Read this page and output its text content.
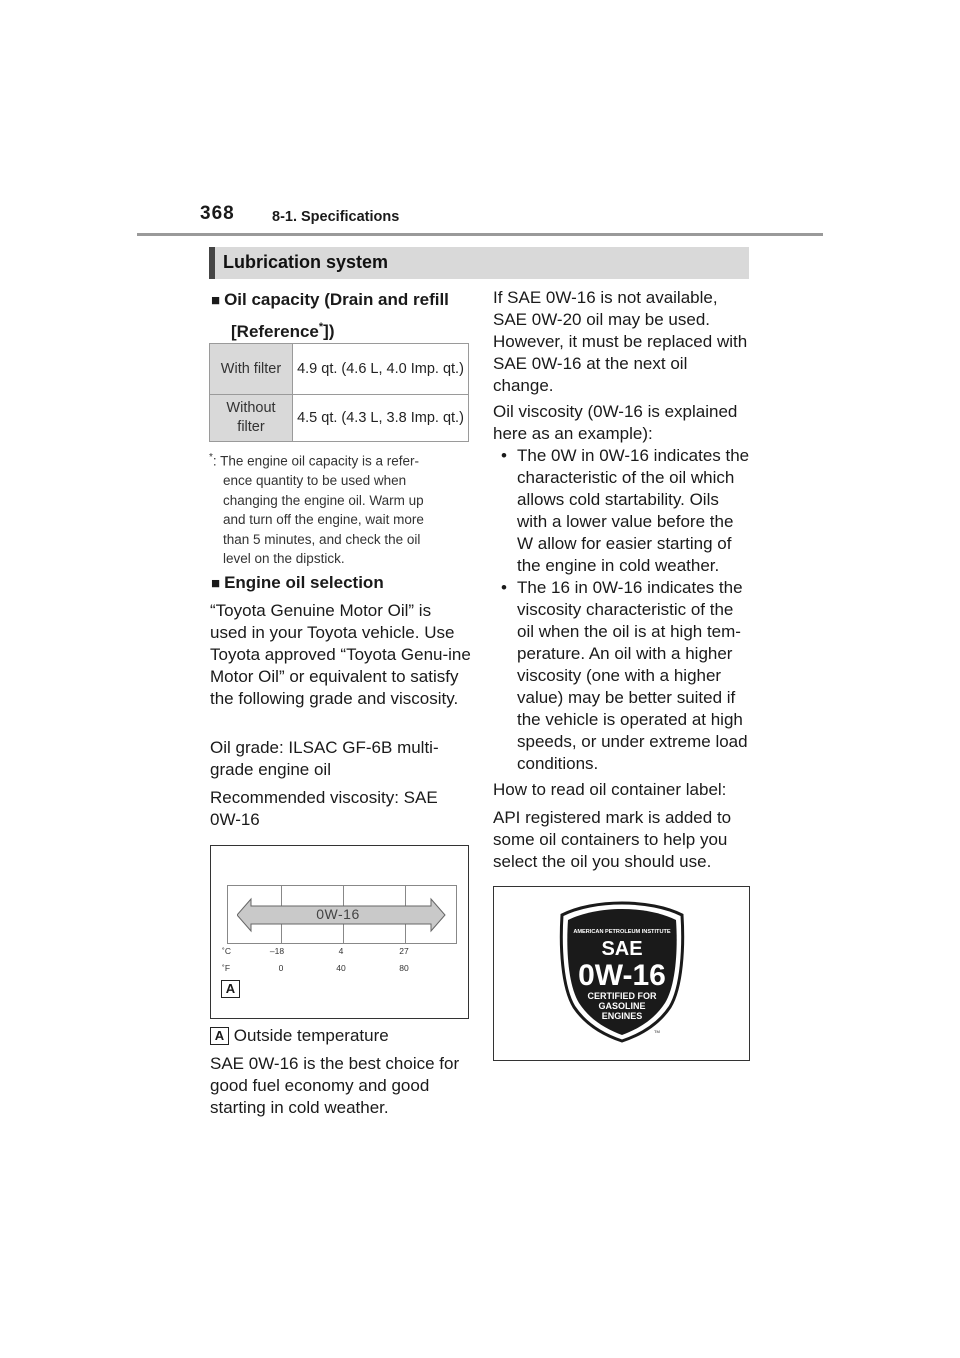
368	8-1. Specifications
Lubrication system
■ Oil capacity (Drain and refill
[Reference*])
With filter	4.9 qt. (4.6 L, 4.0 Imp. qt.)
Without filter	4.5 qt. (4.3 L, 3.8 Imp. qt.)
*: The engine oil capacity is a refer-
ence quantity to be used when
changing the engine oil. Warm up
and turn off the engine, wait more
than 5 minutes, and check the oil
level on the dipstick.
■ Engine oil selection
“Toyota Genuine Motor Oil” is used in your Toyota vehicle. Use Toyota approved “Toyota Genu-ine Motor Oil” or equivalent to satisfy the following grade and viscosity.
Oil grade: ILSAC GF-6B multi-grade engine oil
Recommended viscosity: SAE 0W-16
0W-16
˚C	–18	4	27
˚F	0	40	80
A
A Outside temperature
SAE 0W-16 is the best choice for good fuel economy and good starting in cold weather.
If SAE 0W-16 is not available, SAE 0W-20 oil may be used. However, it must be replaced with SAE 0W-16 at the next oil change.
Oil viscosity (0W-16 is explained here as an example):
• The 0W in 0W-16 indicates the characteristic of the oil which allows cold startability. Oils with a lower value before the W allow for easier starting of the engine in cold weather.
• The 16 in 0W-16 indicates the viscosity characteristic of the oil when the oil is at high tem-perature. An oil with a higher viscosity (one with a higher value) may be better suited if the vehicle is operated at high speeds, or under extreme load conditions.
How to read oil container label:
API registered mark is added to some oil containers to help you select the oil you should use.
AMERICAN PETROLEUM INSTITUTE
SAE
0W-16
CERTIFIED FOR
GASOLINE
ENGINES
TM
